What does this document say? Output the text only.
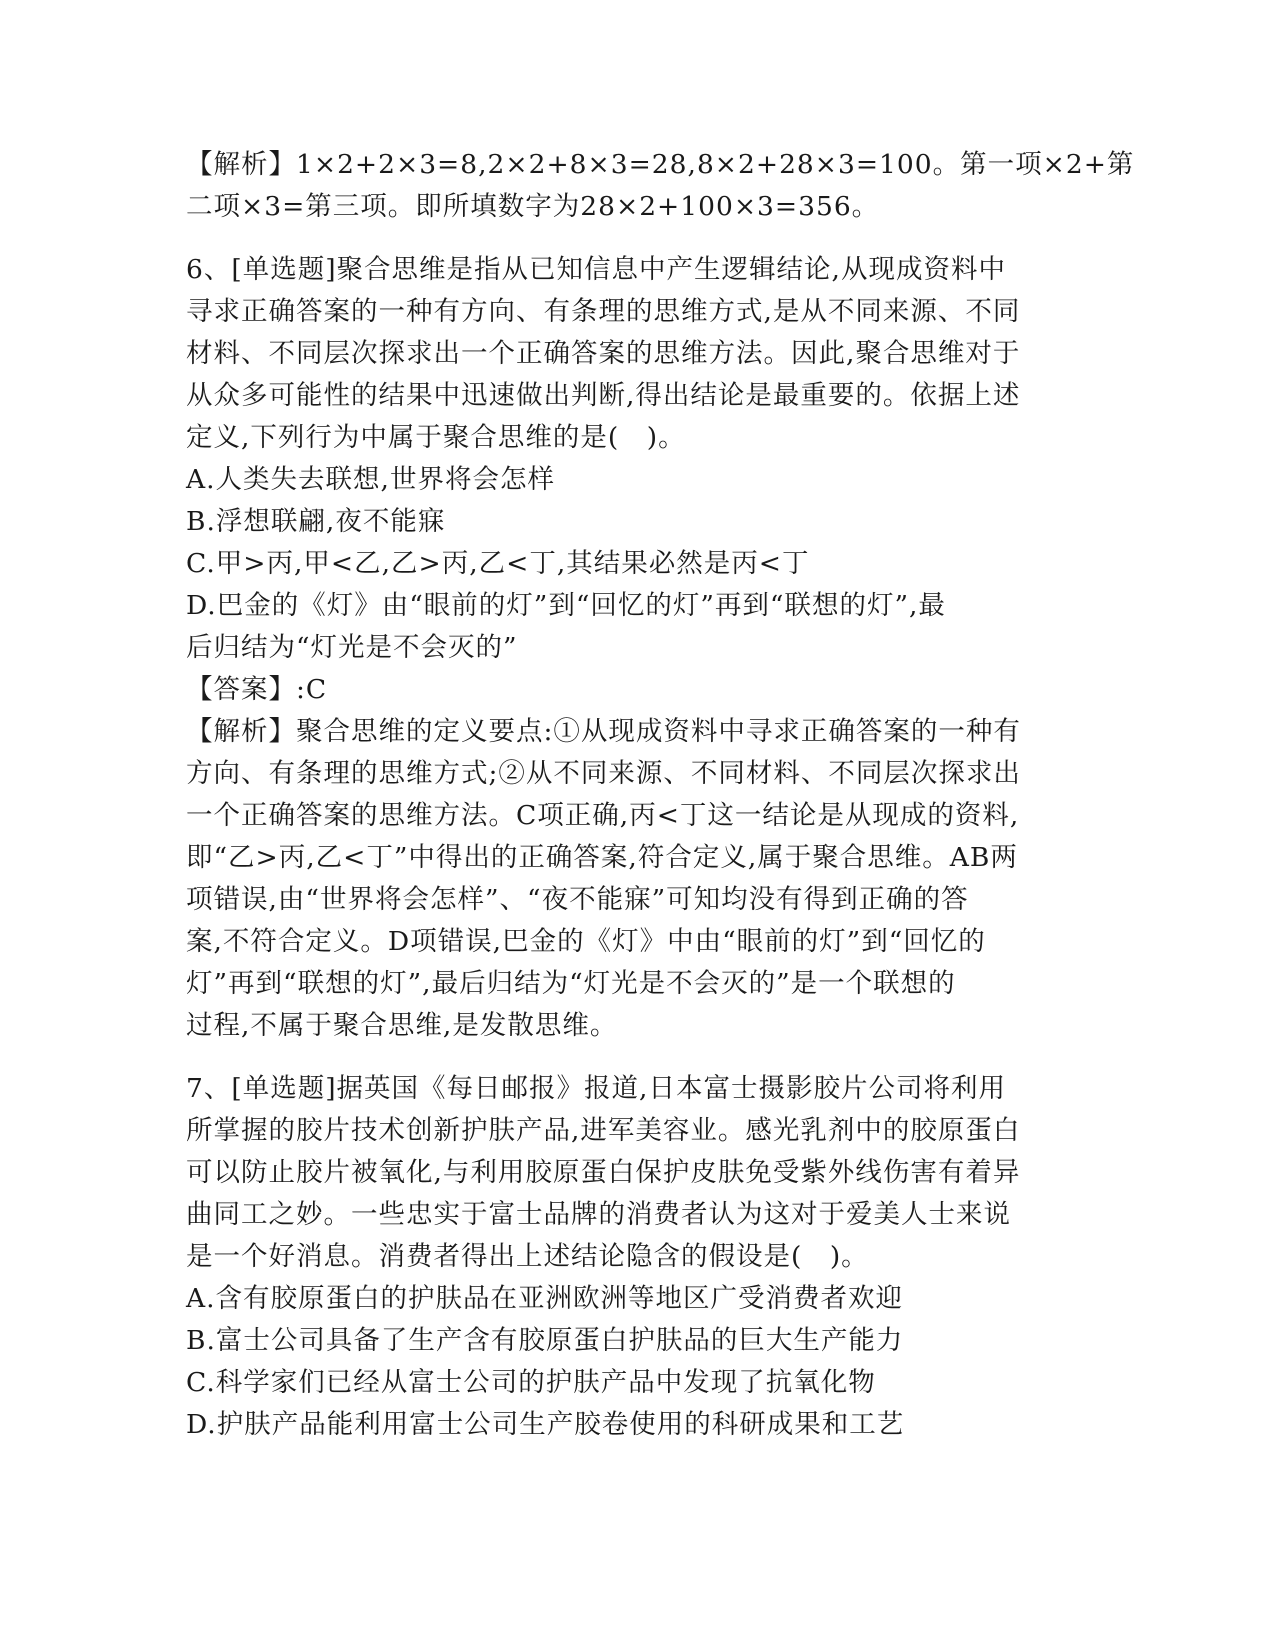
【解析】1×2+2×3=8,2×2+8×3=28,8×2+28×3=100。第一项×2+第
二项×3=第三项。即所填数字为28×2+100×3=356。
6、[单选题]聚合思维是指从已知信息中产生逻辑结论,从现成资料中
寻求正确答案的一种有方向、有条理的思维方式,是从不同来源、不同
材料、不同层次探求出一个正确答案的思维方法。因此,聚合思维对于
从众多可能性的结果中迅速做出判断,得出结论是最重要的。依据上述
定义,下列行为中属于聚合思维的是(　)。
A.人类失去联想,世界将会怎样
B.浮想联翩,夜不能寐
C.甲>丙,甲<乙,乙>丙,乙<丁,其结果必然是丙<丁
D.巴金的《灯》由“眼前的灯”到“回忆的灯”再到“联想的灯”,最
后归结为“灯光是不会灭的”
【答案】:C
【解析】聚合思维的定义要点:①从现成资料中寻求正确答案的一种有
方向、有条理的思维方式;②从不同来源、不同材料、不同层次探求出
一个正确答案的思维方法。C项正确,丙<丁这一结论是从现成的资料,
即“乙>丙,乙<丁”中得出的正确答案,符合定义,属于聚合思维。AB两
项错误,由“世界将会怎样”、“夜不能寐”可知均没有得到正确的答
案,不符合定义。D项错误,巴金的《灯》中由“眼前的灯”到“回忆的
灯”再到“联想的灯”,最后归结为“灯光是不会灭的”是一个联想的
过程,不属于聚合思维,是发散思维。
7、[单选题]据英国《每日邮报》报道,日本富士摄影胶片公司将利用
所掌握的胶片技术创新护肤产品,进军美容业。感光乳剂中的胶原蛋白
可以防止胶片被氧化,与利用胶原蛋白保护皮肤免受紫外线伤害有着异
曲同工之妙。一些忠实于富士品牌的消费者认为这对于爱美人士来说
是一个好消息。消费者得出上述结论隐含的假设是(　)。
A.含有胶原蛋白的护肤品在亚洲欧洲等地区广受消费者欢迎
B.富士公司具备了生产含有胶原蛋白护肤品的巨大生产能力
C.科学家们已经从富士公司的护肤产品中发现了抗氧化物
D.护肤产品能利用富士公司生产胶卷使用的科研成果和工艺
